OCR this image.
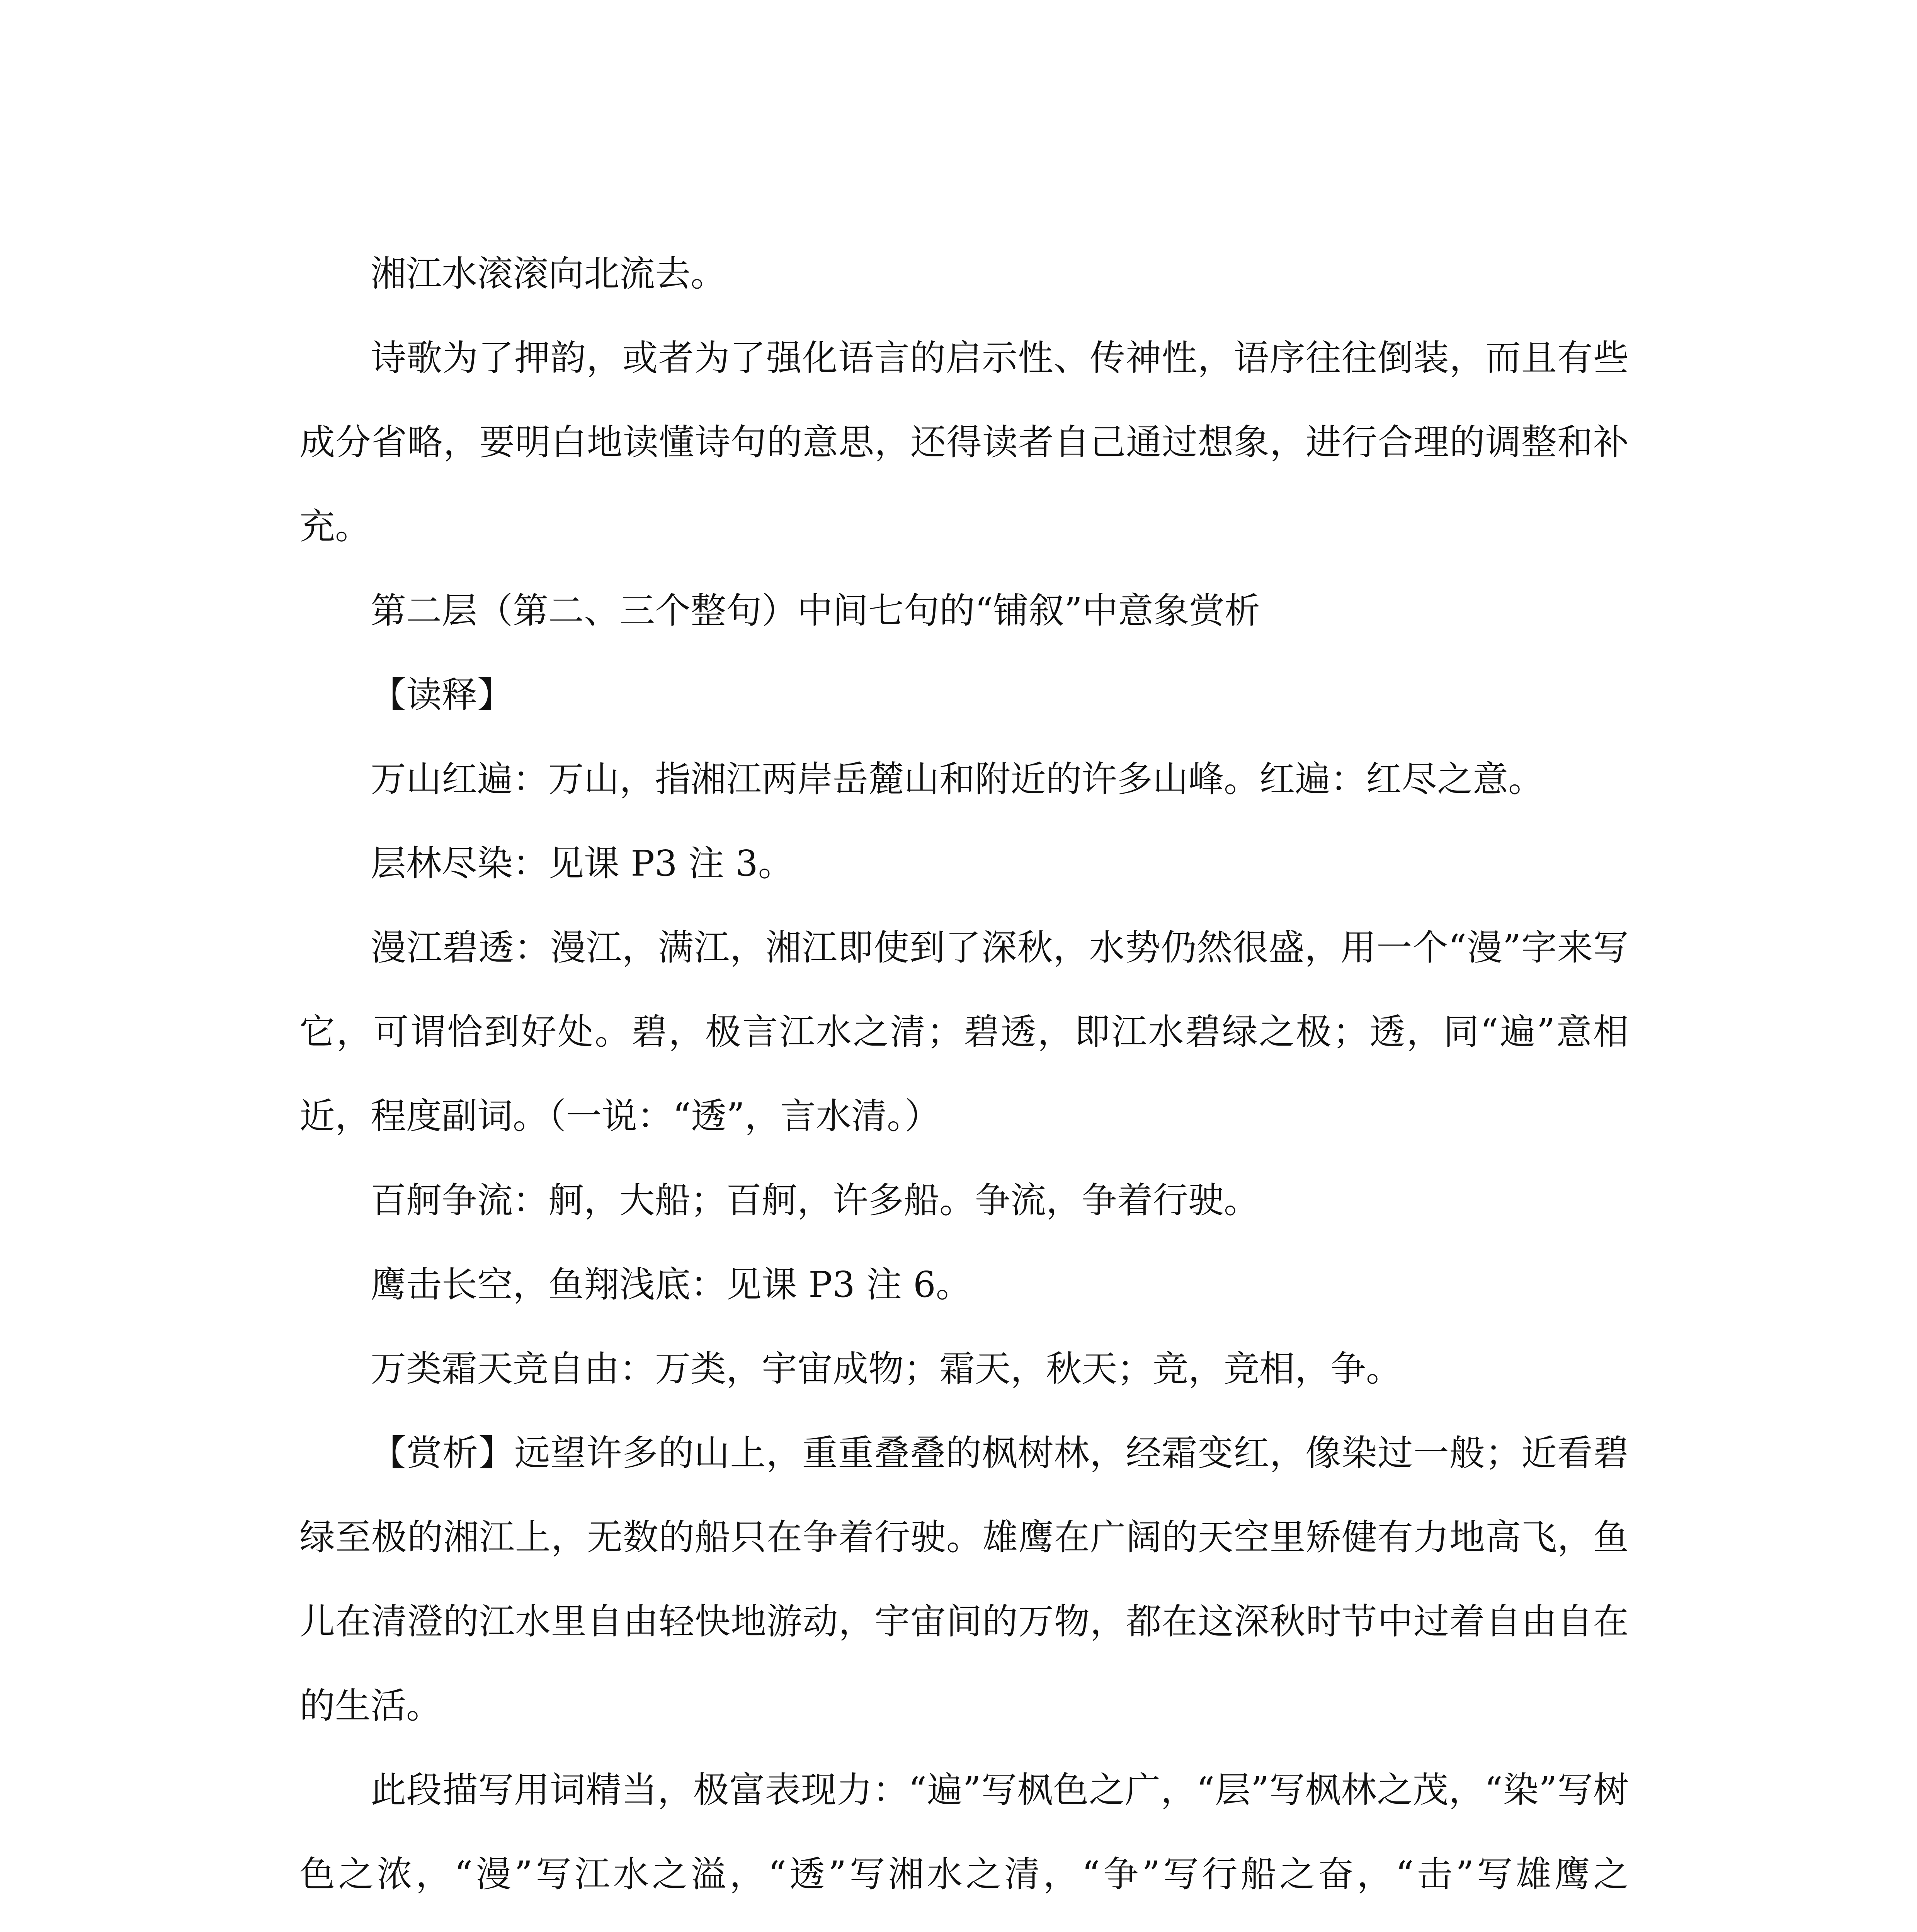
湘江水滚滚向北流去。

诗歌为了押韵，或者为了强化语言的启示性、传神性，语序往往倒装，而且有些成分省略，要明白地读懂诗句的意思，还得读者自己通过想象，进行合理的调整和补充。

第二层（第二、三个整句）中间七句的“铺叙”中意象赏析

【读释】

万山红遍：万山，指湘江两岸岳麓山和附近的许多山峰。红遍：红尽之意。

层林尽染：见课 P3 注 3。

漫江碧透：漫江，满江，湘江即使到了深秋，水势仍然很盛，用一个“漫”字来写它，可谓恰到好处。碧，极言江水之清；碧透，即江水碧绿之极；透，同“遍”意相近，程度副词。（一说：“透”，言水清。）

百舸争流：舸，大船；百舸，许多船。争流，争着行驶。

鹰击长空，鱼翔浅底：见课 P3 注 6。

万类霜天竞自由：万类，宇宙成物；霜天，秋天；竞，竞相，争。

【赏析】远望许多的山上，重重叠叠的枫树林，经霜变红，像染过一般；近看碧绿至极的湘江上，无数的船只在争着行驶。雄鹰在广阔的天空里矫健有力地高飞，鱼儿在清澄的江水里自由轻快地游动，宇宙间的万物，都在这深秋时节中过着自由自在的生活。

此段描写用词精当，极富表现力：“遍”写枫色之广，“层”写枫林之茂，“染”写树色之浓，“漫”写江水之溢，“透”写湘水之清，“争”写行船之奋，“击”写雄鹰之
